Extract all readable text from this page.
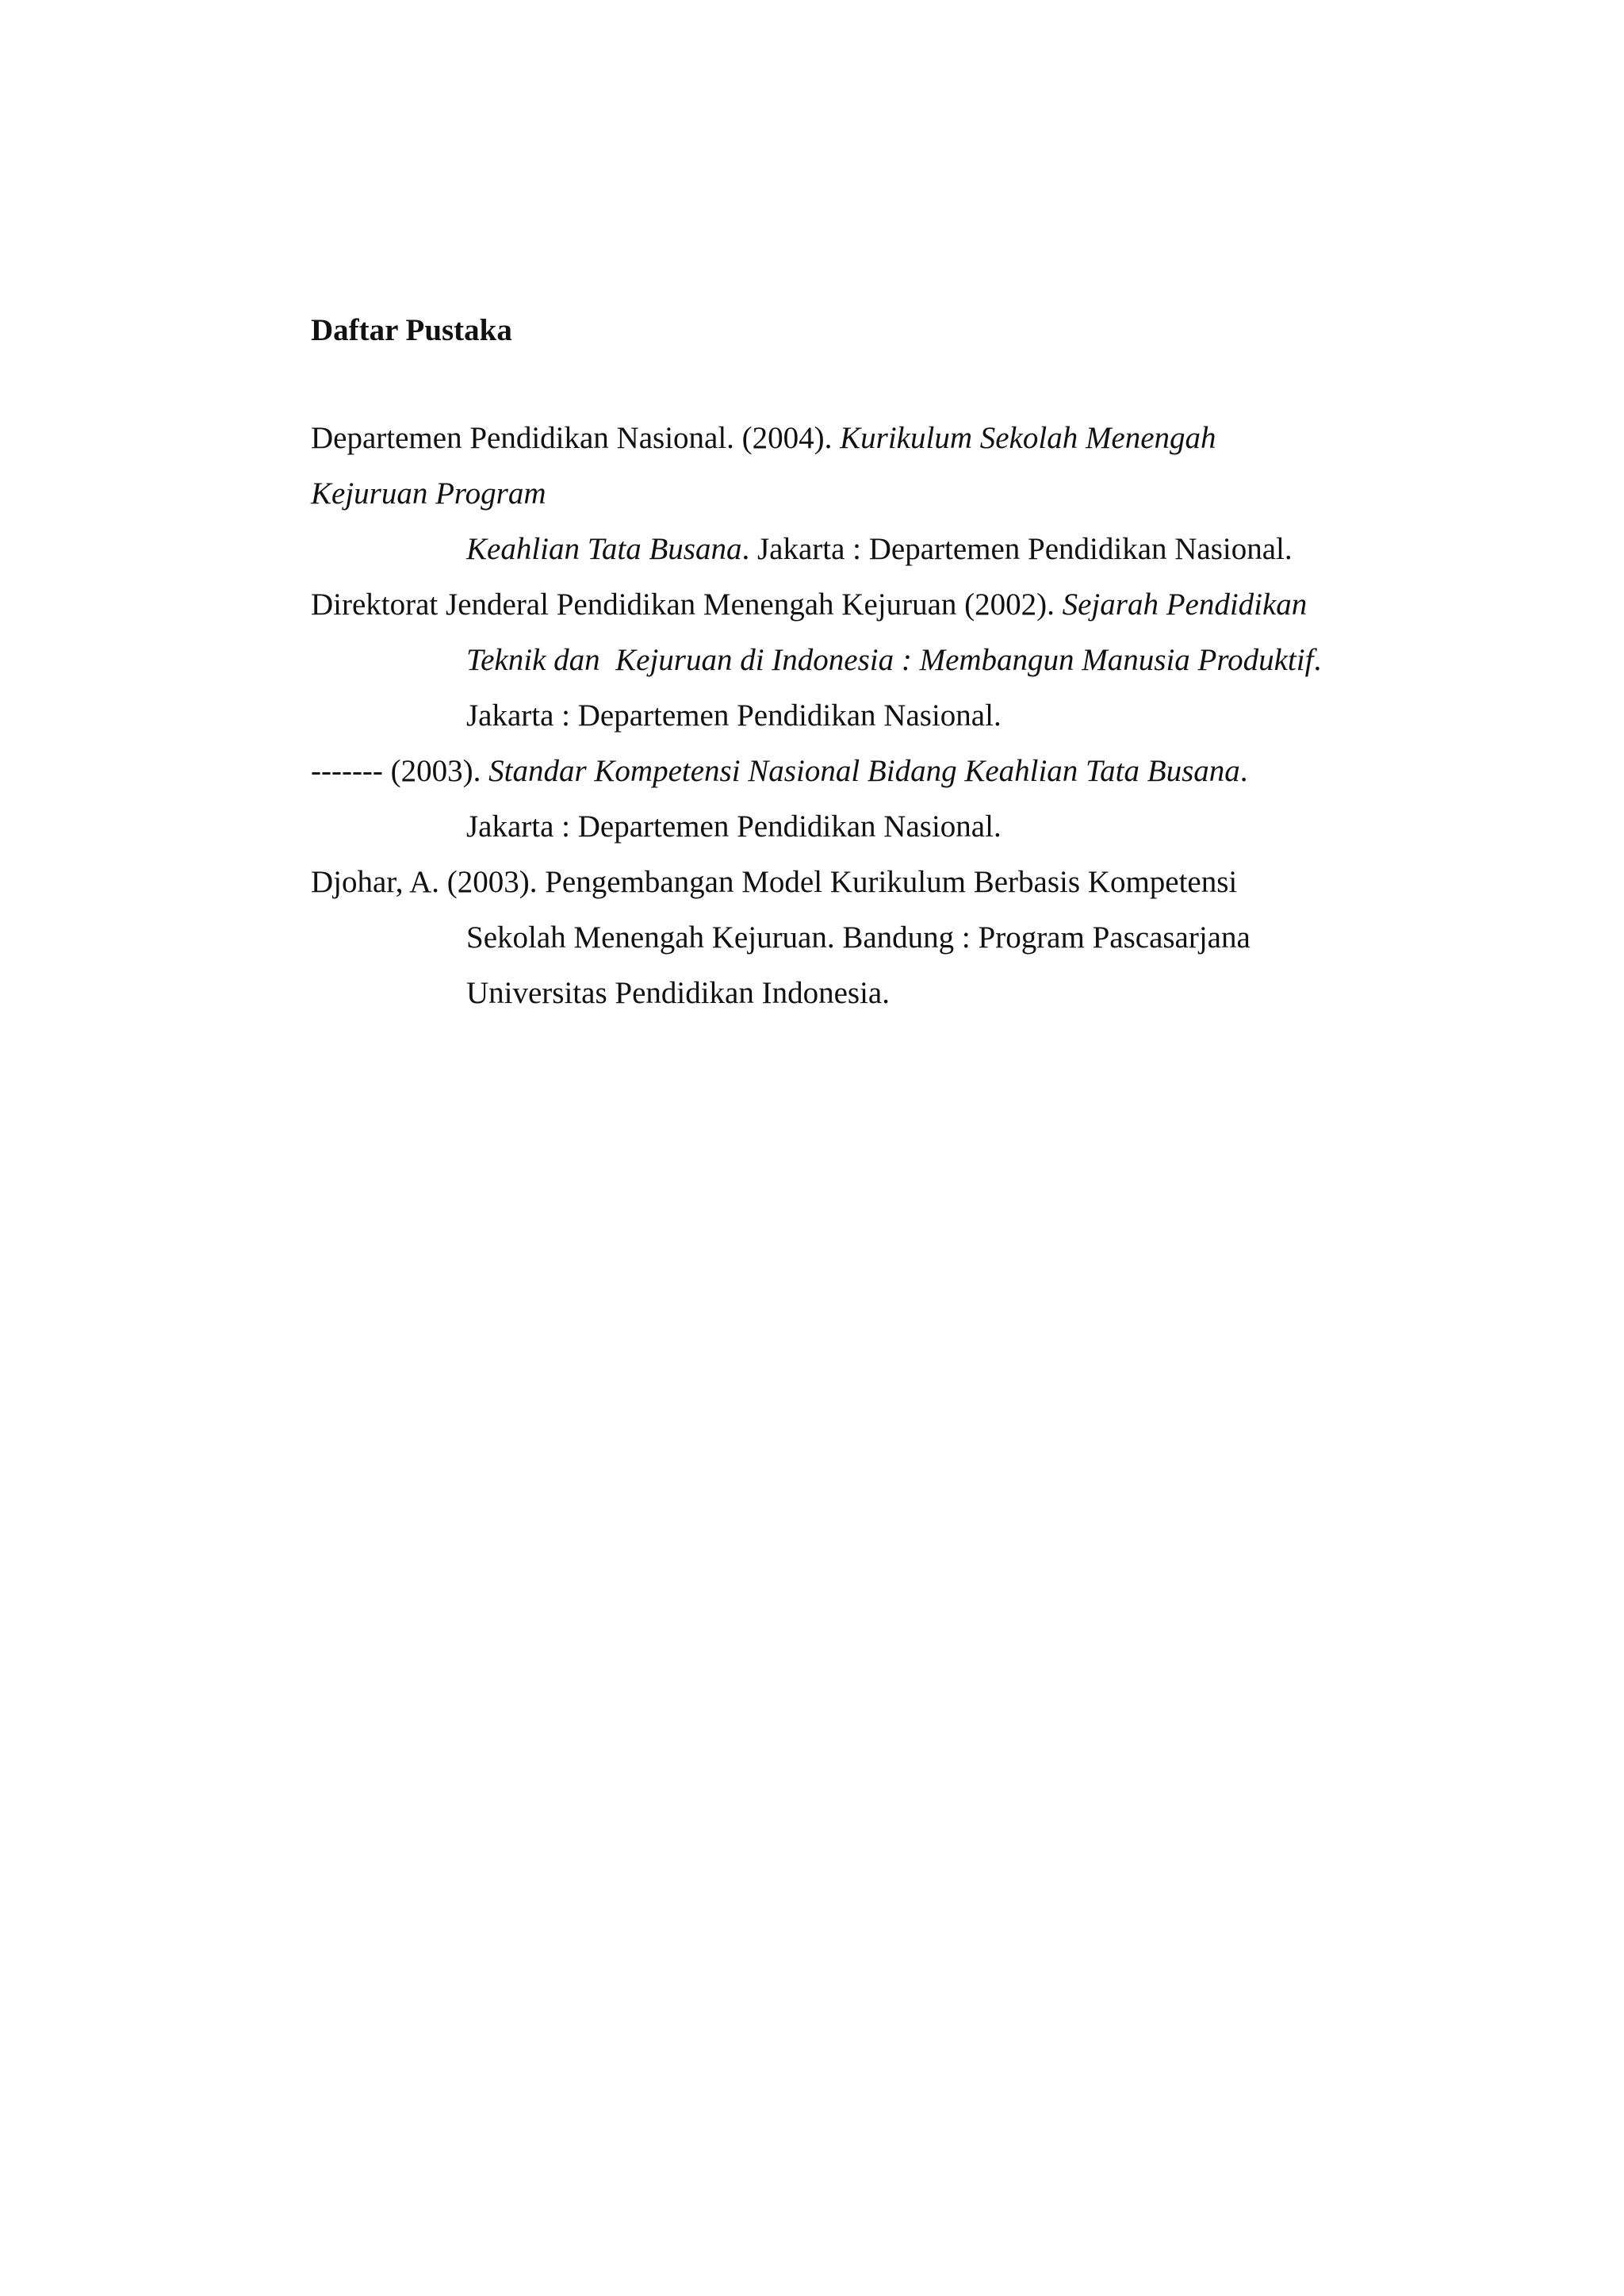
Daftar Pustaka
Departemen Pendidikan Nasional. (2004). Kurikulum Sekolah Menengah
Kejuruan Program
Keahlian Tata Busana. Jakarta : Departemen Pendidikan Nasional.
Direktorat Jenderal Pendidikan Menengah Kejuruan (2002). Sejarah Pendidikan
Teknik dan  Kejuruan di Indonesia : Membangun Manusia Produktif.
Jakarta : Departemen Pendidikan Nasional.
------- (2003). Standar Kompetensi Nasional Bidang Keahlian Tata Busana.
Jakarta : Departemen Pendidikan Nasional.
Djohar, A. (2003). Pengembangan Model Kurikulum Berbasis Kompetensi
Sekolah Menengah Kejuruan. Bandung : Program Pascasarjana
Universitas Pendidikan Indonesia.
